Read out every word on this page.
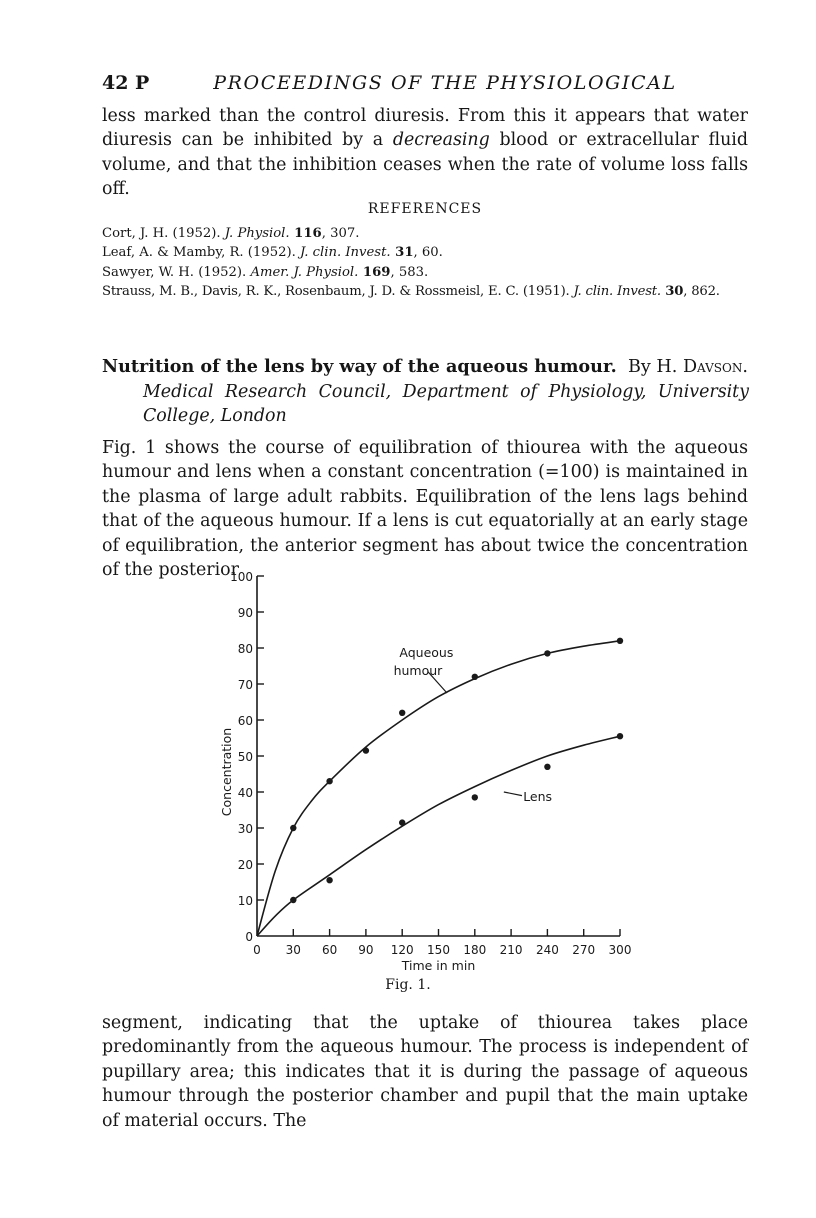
42 P	PROCEEDINGS OF THE PHYSIOLOGICAL

less marked than the control diuresis. From this it appears that water diuresis can be inhibited by a decreasing blood or extracellular fluid volume, and that the inhibition ceases when the rate of volume loss falls off.

REFERENCES
Cort, J. H. (1952). J. Physiol. 116, 307.
Leaf, A. & Mamby, R. (1952). J. clin. Invest. 31, 60.
Sawyer, W. H. (1952). Amer. J. Physiol. 169, 583.
Strauss, M. B., Davis, R. K., Rosenbaum, J. D. & Rossmeisl, E. C. (1951). J. clin. Invest. 30, 862.
Nutrition of the lens by way of the aqueous humour. By H. Davson.
Medical Research Council, Department of Physiology, University College, London

Fig. 1 shows the course of equilibration of thiourea with the aqueous humour and lens when a constant concentration (=100) is maintained in the plasma of large adult rabbits. Equilibration of the lens lags behind that of the aqueous humour. If a lens is cut equatorially at an early stage of equilibration, the anterior segment has about twice the concentration of the posterior

0
10
20
30
40
50
60
70
80
90
100
0 30 60 90 120 150 180 210 240 270 300
Time in min
Concentration
Aqueous
humour
Lens
Fig. 1.

segment, indicating that the uptake of thiourea takes place predominantly from the aqueous humour. The process is independent of pupillary area; this indicates that it is during the passage of aqueous humour through the posterior chamber and pupil that the main uptake of material occurs. The
